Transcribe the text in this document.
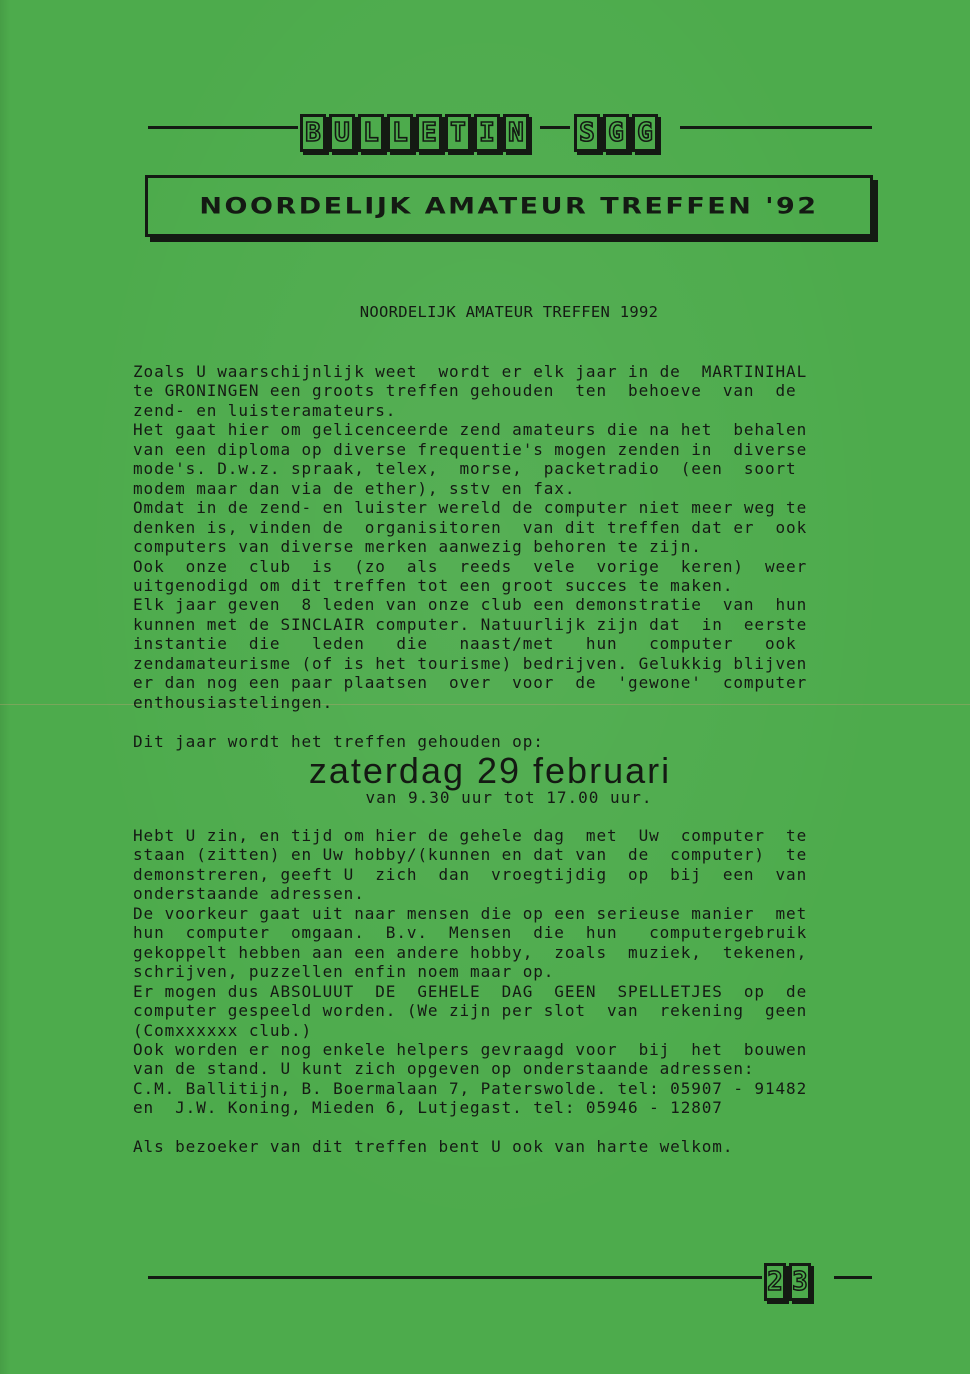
B U L L E T I N S G G
NOORDELIJK AMATEUR TREFFEN '92
NOORDELIJK AMATEUR TREFFEN 1992
Zoals U waarschijnlijk weet  wordt er elk jaar in de  MARTINIHAL
te GRONINGEN een groots treffen gehouden  ten  behoeve  van  de
zend- en luisteramateurs.
Het gaat hier om gelicenceerde zend amateurs die na het  behalen
van een diploma op diverse frequentie's mogen zenden in  diverse
mode's. D.w.z. spraak, telex,  morse,  packetradio  (een  soort
modem maar dan via de ether), sstv en fax.
Omdat in de zend- en luister wereld de computer niet meer weg te
denken is, vinden de  organisitoren  van dit treffen dat er  ook
computers van diverse merken aanwezig behoren te zijn.
Ook  onze  club  is  (zo  als  reeds  vele  vorige  keren)  weer
uitgenodigd om dit treffen tot een groot succes te maken.
Elk jaar geven  8 leden van onze club een demonstratie  van  hun
kunnen met de SINCLAIR computer. Natuurlijk zijn dat  in  eerste
instantie  die   leden   die   naast/met   hun   computer   ook
zendamateurisme (of is het tourisme) bedrijven. Gelukkig blijven
er dan nog een paar plaatsen  over  voor  de  'gewone'  computer
enthousiastelingen.
Dit jaar wordt het treffen gehouden op:
zaterdag 29 februari
van 9.30 uur tot 17.00 uur.
Hebt U zin, en tijd om hier de gehele dag  met  Uw  computer  te
staan (zitten) en Uw hobby/(kunnen en dat van  de  computer)  te
demonstreren, geeft U  zich  dan  vroegtijdig  op  bij  een  van
onderstaande adressen.
De voorkeur gaat uit naar mensen die op een serieuse manier  met
hun  computer  omgaan.  B.v.  Mensen  die  hun   computergebruik
gekoppelt hebben aan een andere hobby,  zoals  muziek,  tekenen,
schrijven, puzzellen enfin noem maar op.
Er mogen dus ABSOLUUT  DE  GEHELE  DAG  GEEN  SPELLETJES  op  de
computer gespeeld worden. (We zijn per slot  van  rekening  geen
(Comxxxxxx club.)
Ook worden er nog enkele helpers gevraagd voor  bij  het  bouwen
van de stand. U kunt zich opgeven op onderstaande adressen:
C.M. Ballitijn, B. Boermalaan 7, Paterswolde. tel: 05907 - 91482
en  J.W. Koning, Mieden 6, Lutjegast. tel: 05946 - 12807
Als bezoeker van dit treffen bent U ook van harte welkom.
2 3
